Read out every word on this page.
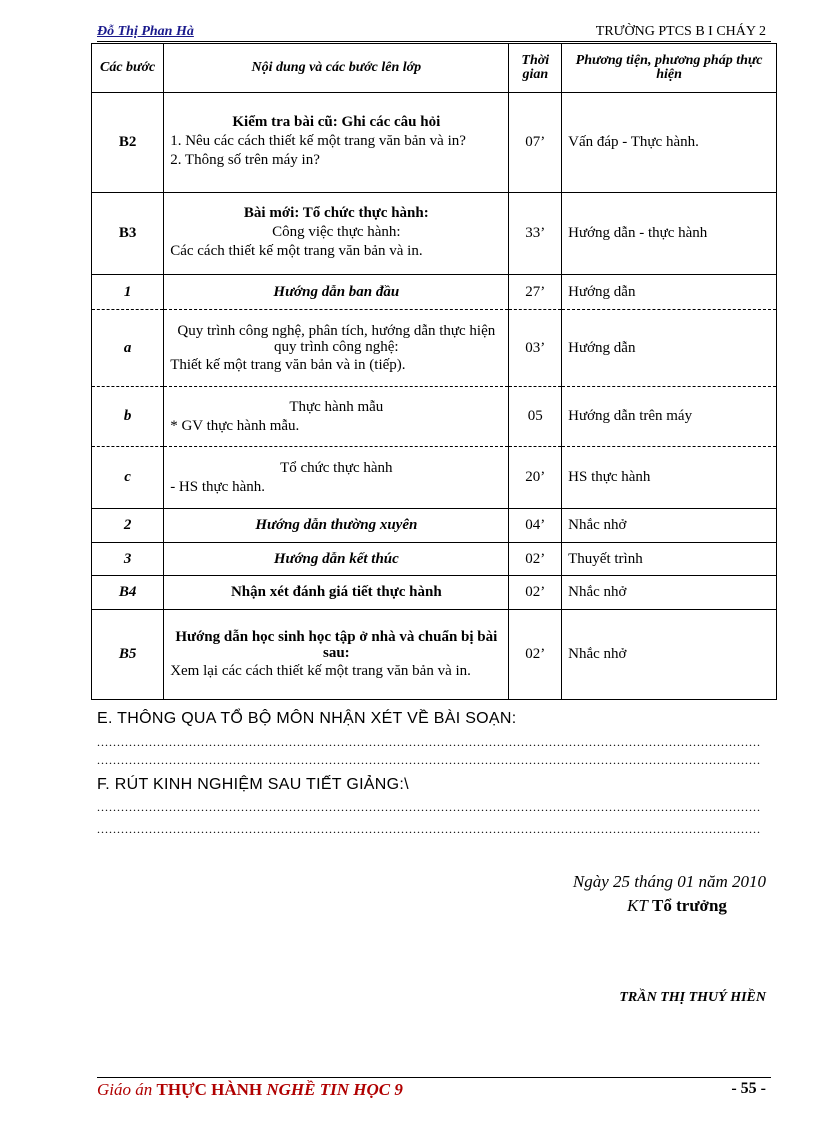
Đỗ Thị Phan Hà	TRƯỜNG PTCS B I CHÁY 2
Các bước	Nội dung và các bước lên lớp	Thời gian	Phương tiện, phương pháp thực hiện
B2	Kiểm tra bài cũ: Ghi các câu hỏi

1. Nêu các cách thiết kế một trang văn bản và in?

2. Thông số trên máy in?	07’	Vấn đáp - Thực hành.
B3	Bài mới: Tổ chức thực hành:

Công việc thực hành:

Các cách thiết kế một trang văn bản và in.	33’	Hướng dẫn - thực hành
1	Hướng dẫn ban đầu	27’	Hướng dẫn
a	Quy trình công nghệ, phân tích, hướng dẫn thực hiện quy trình công nghệ:

Thiết kế một trang văn bản và in (tiếp).	03’	Hướng dẫn
b	Thực hành mẫu

* GV thực hành mẫu.	05	Hướng dẫn trên máy
c	Tổ chức thực hành

- HS thực hành.	20’	HS thực hành
2	Hướng dẫn thường xuyên	04’	Nhắc nhở
3	Hướng dẫn kết thúc	02’	Thuyết trình
B4	Nhận xét đánh giá tiết thực hành	02’	Nhắc nhở
B5	Hướng dẫn học sinh học tập ở nhà và chuẩn bị bài sau:

Xem lại các cách thiết kế một trang văn bản và in.	02’	Nhắc nhở
E. THÔNG QUA TỔ BỘ MÔN NHẬN XÉT VỀ BÀI SOẠN:
......................................................................................................................................................................
......................................................................................................................................................................
F. RÚT KINH NGHIỆM SAU TIẾT GIẢNG:\
......................................................................................................................................................................
......................................................................................................................................................................
Ngày 25 tháng 01 năm 2010
KT Tổ trưởng
TRẦN THỊ THUÝ HIỀN
Giáo án THỰC HÀNH NGHỀ TIN HỌC 9	- 55 -
